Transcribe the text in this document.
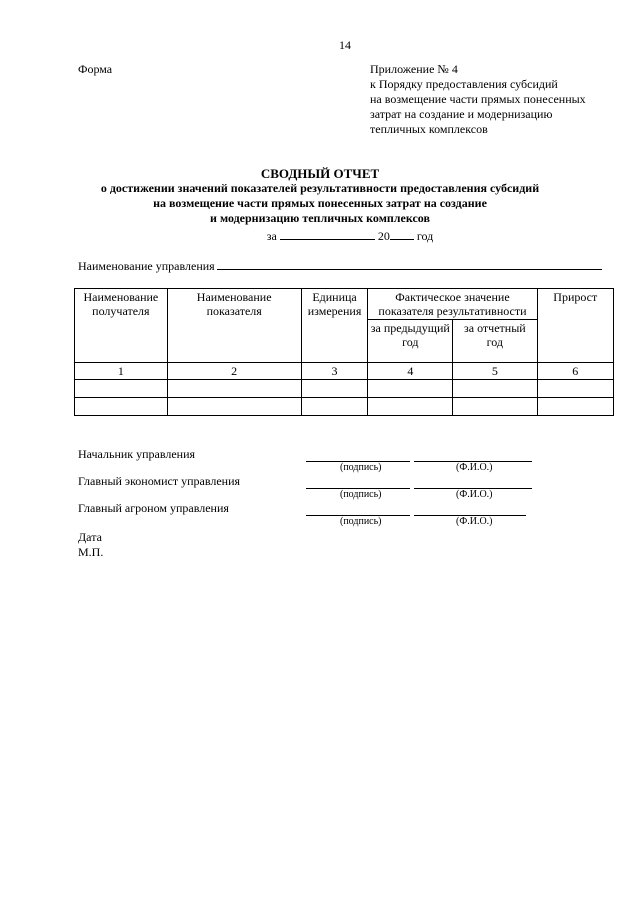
14
Форма	Приложение № 4
к Порядку предоставления субсидий
на возмещение части прямых понесенных
затрат на создание и модернизацию
тепличных комплексов
СВОДНЫЙ ОТЧЕТ
о достижении значений показателей результативности предоставления субсидий
на возмещение части прямых понесенных затрат на создание
и модернизацию тепличных комплексов
за	20 год
Наименование управления
Наименование получателя	Наименование показателя	Единица измерения	Фактическое значение показателя результативности		Прирост
			за предыдущий год	за отчетный год	
1	2	3	4	5	6

Начальник управления
(подпись)	(Ф.И.О.)
Главный экономист управления
(подпись)	(Ф.И.О.)
Главный агроном управления
(подпись)	(Ф.И.О.)
Дата
М.П.
